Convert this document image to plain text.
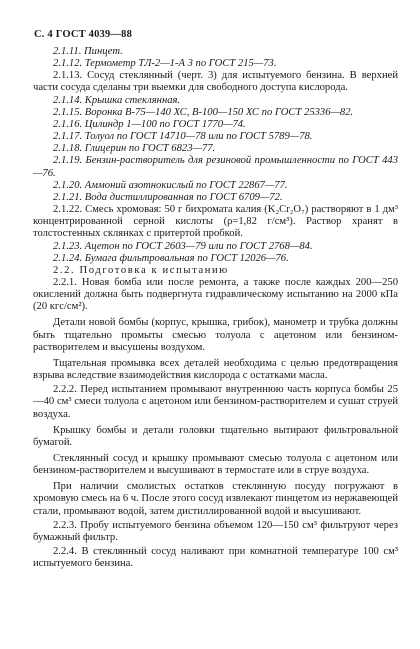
С. 4 ГОСТ 4039—88
2.1.11. Пинцет.
2.1.12. Термометр ТЛ-2—1-А 3 по ГОСТ 215—73.
2.1.13. Сосуд стеклянный (черт. 3) для испытуемого бензина. В верхней части сосуда сделаны три выемки для свободного доступа кислорода.
2.1.14. Крышка стеклянная.
2.1.15. Воронка В-75—140 ХС, В-100—150 ХС по ГОСТ 25336—82.
2.1.16. Цилиндр 1—100 по ГОСТ 1770—74.
2.1.17. Толуол по ГОСТ 14710—78 или по ГОСТ 5789—78.
2.1.18. Глицерин по ГОСТ 6823—77.
2.1.19. Бензин-растворитель для резиновой промышленности по ГОСТ 443—76.
2.1.20. Аммоний азотнокислый по ГОСТ 22867—77.
2.1.21. Вода дистиллированная по ГОСТ 6709—72.
2.1.22. Смесь хромовая: 50 г бихромата калия (K₂Cr₂O₇) растворяют в 1 дм³ концентрированной серной кислоты (ρ=1,82 г/см³). Раствор хранят в толстостенных склянках с притертой пробкой.
2.1.23. Ацетон по ГОСТ 2603—79 или по ГОСТ 2768—84.
2.1.24. Бумага фильтровальная по ГОСТ 12026—76.
2.2. Подготовка к испытанию
2.2.1. Новая бомба или после ремонта, а также после каждых 200—250 окислений должна быть подвергнута гидравлическому испытанию на 2000 кПа (20 кгс/см²).
Детали новой бомбы (корпус, крышка, грибок), манометр и трубка должны быть тщательно промыты смесью толуола с ацетоном или бензином-растворителем и высушены воздухом.
Тщательная промывка всех деталей необходима с целью предотвращения взрыва вследствие взаимодействия кислорода с остатками масла.
2.2.2. Перед испытанием промывают внутреннюю часть корпуса бомбы 25—40 см³ смеси толуола с ацетоном или бензином-растворителем и сушат струей воздуха.
Крышку бомбы и детали головки тщательно вытирают фильтровальной бумагой.
Стеклянный сосуд и крышку промывают смесью толуола с ацетоном или бензином-растворителем и высушивают в термостате или в струе воздуха.
При наличии смолистых остатков стеклянную посуду погружают в хромовую смесь на 6 ч. После этого сосуд извлекают пинцетом из нержавеющей стали, промывают водой, затем дистиллированной водой и высушивают.
2.2.3. Пробу испытуемого бензина объемом 120—150 см³ фильтруют через бумажный фильтр.
2.2.4. В стеклянный сосуд наливают при комнатной температуре 100 см³ испытуемого бензина.
